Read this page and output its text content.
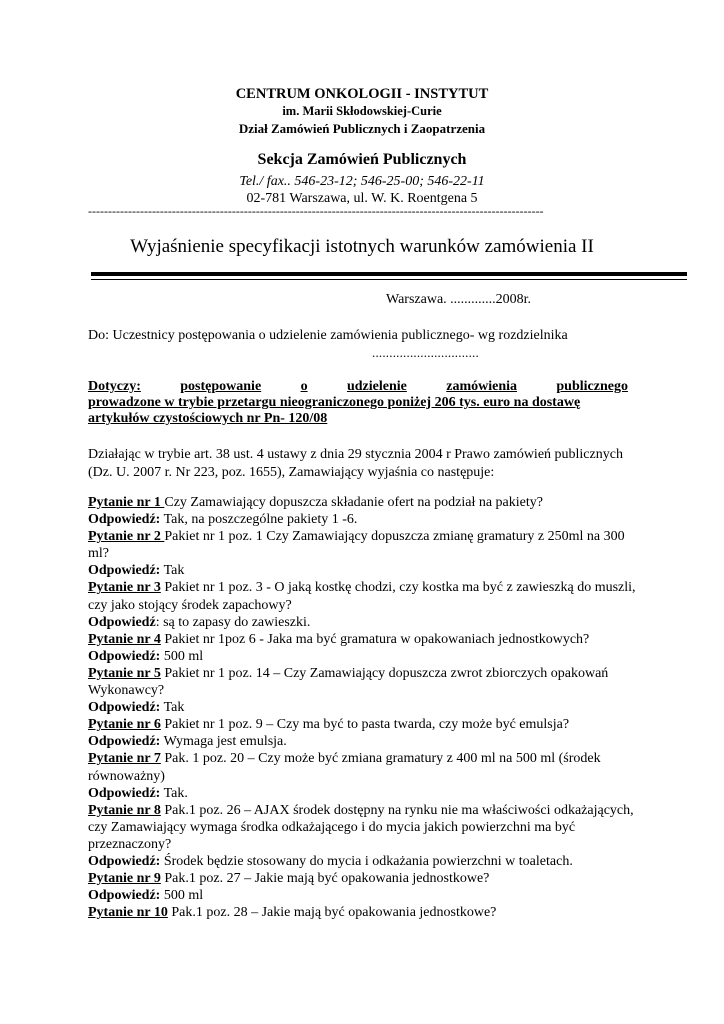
CENTRUM ONKOLOGII - INSTYTUT
im. Marii Skłodowskiej-Curie
Dział Zamówień Publicznych i Zaopatrzenia
Sekcja Zamówień Publicznych
Tel./ fax.. 546-23-12; 546-25-00; 546-22-11
02-781 Warszawa, ul. W. K. Roentgena 5
------------------------------------------------------------------------------------------------------------------
Wyjaśnienie specyfikacji istotnych warunków zamówienia II
Warszawa. .............2008r.
Do: Uczestnicy postępowania o udzielenie zamówienia publicznego- wg rozdzielnika
...............................
Dotyczy:	postępowanie	o	udzielenie	zamówienia	publicznego
prowadzone w trybie przetargu nieograniczonego poniżej 206 tys. euro na dostawę
artykułów czystościowych nr Pn- 120/08
Działając w trybie art. 38 ust. 4 ustawy z dnia 29 stycznia 2004 r Prawo zamówień publicznych (Dz. U. 2007 r. Nr 223, poz. 1655), Zamawiający wyjaśnia co następuje:
Pytanie nr 1 Czy Zamawiający dopuszcza składanie ofert na podział na pakiety?
Odpowiedź: Tak, na poszczególne pakiety 1 -6.
Pytanie nr 2 Pakiet nr 1 poz. 1 Czy Zamawiający dopuszcza zmianę gramatury z 250ml na 300 ml?
Odpowiedź: Tak
Pytanie nr 3 Pakiet nr 1 poz. 3 - O jaką kostkę chodzi, czy kostka ma być z zawieszką do muszli, czy jako stojący środek zapachowy?
Odpowiedź: są to zapasy do zawieszki.
Pytanie nr 4 Pakiet nr 1poz 6 - Jaka ma być gramatura w opakowaniach jednostkowych?
Odpowiedź: 500 ml
Pytanie nr 5 Pakiet nr 1 poz. 14 – Czy Zamawiający dopuszcza zwrot zbiorczych opakowań Wykonawcy?
Odpowiedź: Tak
Pytanie nr 6 Pakiet nr 1 poz. 9 – Czy ma być to pasta twarda, czy może być emulsja?
Odpowiedź: Wymaga jest emulsja.
Pytanie nr 7 Pak. 1 poz. 20 – Czy może być zmiana gramatury z 400 ml na 500 ml (środek równoważny)
Odpowiedź: Tak.
Pytanie nr 8 Pak.1 poz. 26 – AJAX środek dostępny na rynku nie ma właściwości odkażających, czy Zamawiający wymaga środka odkażającego i do mycia jakich powierzchni ma być przeznaczony?
Odpowiedź: Środek będzie stosowany do mycia i odkażania powierzchni w toaletach.
Pytanie nr 9 Pak.1 poz. 27 – Jakie mają być opakowania jednostkowe?
Odpowiedź: 500 ml
Pytanie nr 10 Pak.1 poz. 28 – Jakie mają być opakowania jednostkowe?
